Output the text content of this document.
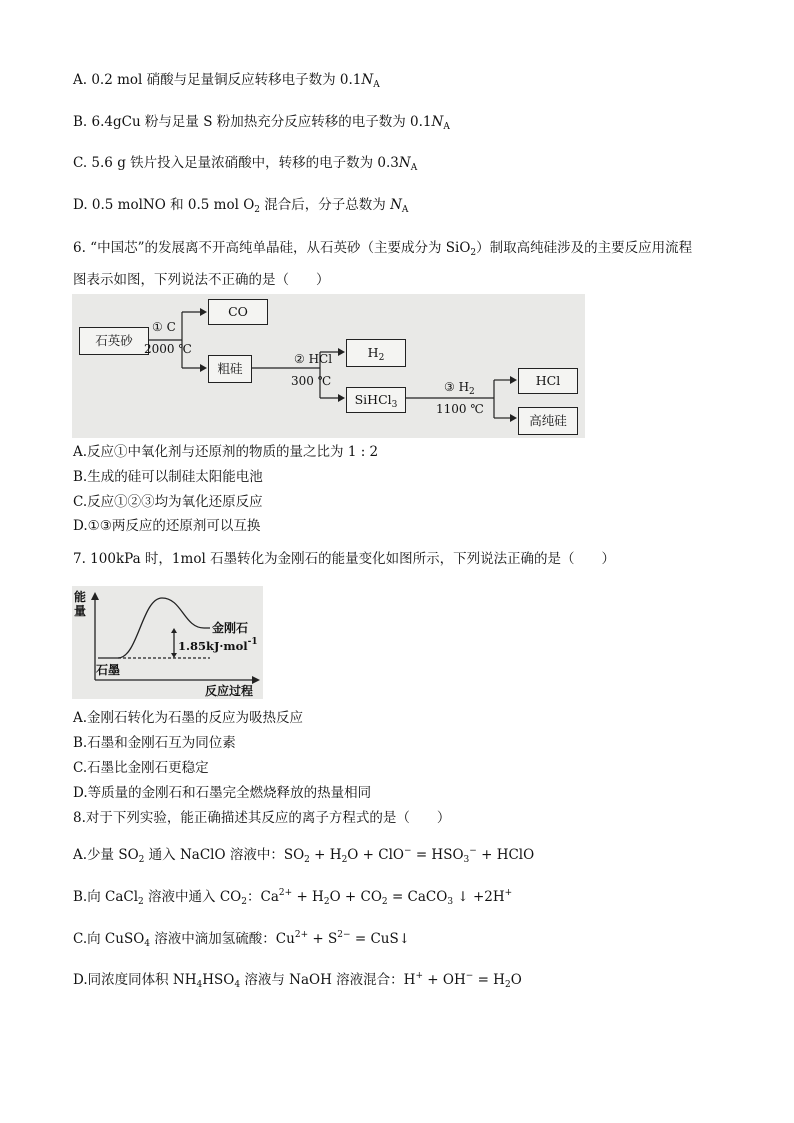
A. 0.2 mol 硝酸与足量铜反应转移电子数为 $0.1N_A$
B. 6.4gCu 粉与足量 S 粉加热充分反应转移的电子数为 $0.1N_A$
C. 5.6 g 铁片投入足量浓硝酸中，转移的电子数为 $0.3N_A$
D. 0.5 molNO 和 0.5 mol $O_2$ 混合后，分子总数为 $N_A$
6. “中国芯”的发展离不开高纯单晶硅，从石英砂（主要成分为 SiO$_2$）制取高纯硅涉及的主要反应用流程
图表示如图，下列说法不正确的是（　　）
石英砂
① C
2000 ℃
CO
粗硅
② HCl
300 ℃
$H_2$
SiHCl$_3$
③ $H_2$
1100 ℃
HCl
高纯硅
A.反应①中氧化剂与还原剂的物质的量之比为 1 : 2
B.生成的硅可以制硅太阳能电池
C.反应①②③均为氧化还原反应
D.①③两反应的还原剂可以互换
7. 100kPa 时，1mol 石墨转化为金刚石的能量变化如图所示，下列说法正确的是（　　）
能
量
金刚石
1.85kJ·mol$^{-1}$
石墨
反应过程
A.金刚石转化为石墨的反应为吸热反应
B.石墨和金刚石互为同位素
C.石墨比金刚石更稳定
D.等质量的金刚石和石墨完全燃烧释放的热量相同
8.对于下列实验，能正确描述其反应的离子方程式的是（　　）
A.少量 $SO_2$ 通入 NaClO 溶液中：$SO_2 + H_2O + ClO^- = HSO_3^-$ + HClO
B.向 CaCl$_2$ 溶液中通入 $CO_2$：$Ca^{2+} + H_2O + CO_2$ = CaCO$_3$ ↓ +2H+
C.向 CuSO$_4$ 溶液中滴加氢硫酸：$Cu^{2+} + S^{2-}$ = CuS↓
D.同浓度同体积 $NH_4HSO_4$ 溶液与 NaOH 溶液混合：$H^+ + OH^- = H_2O$
